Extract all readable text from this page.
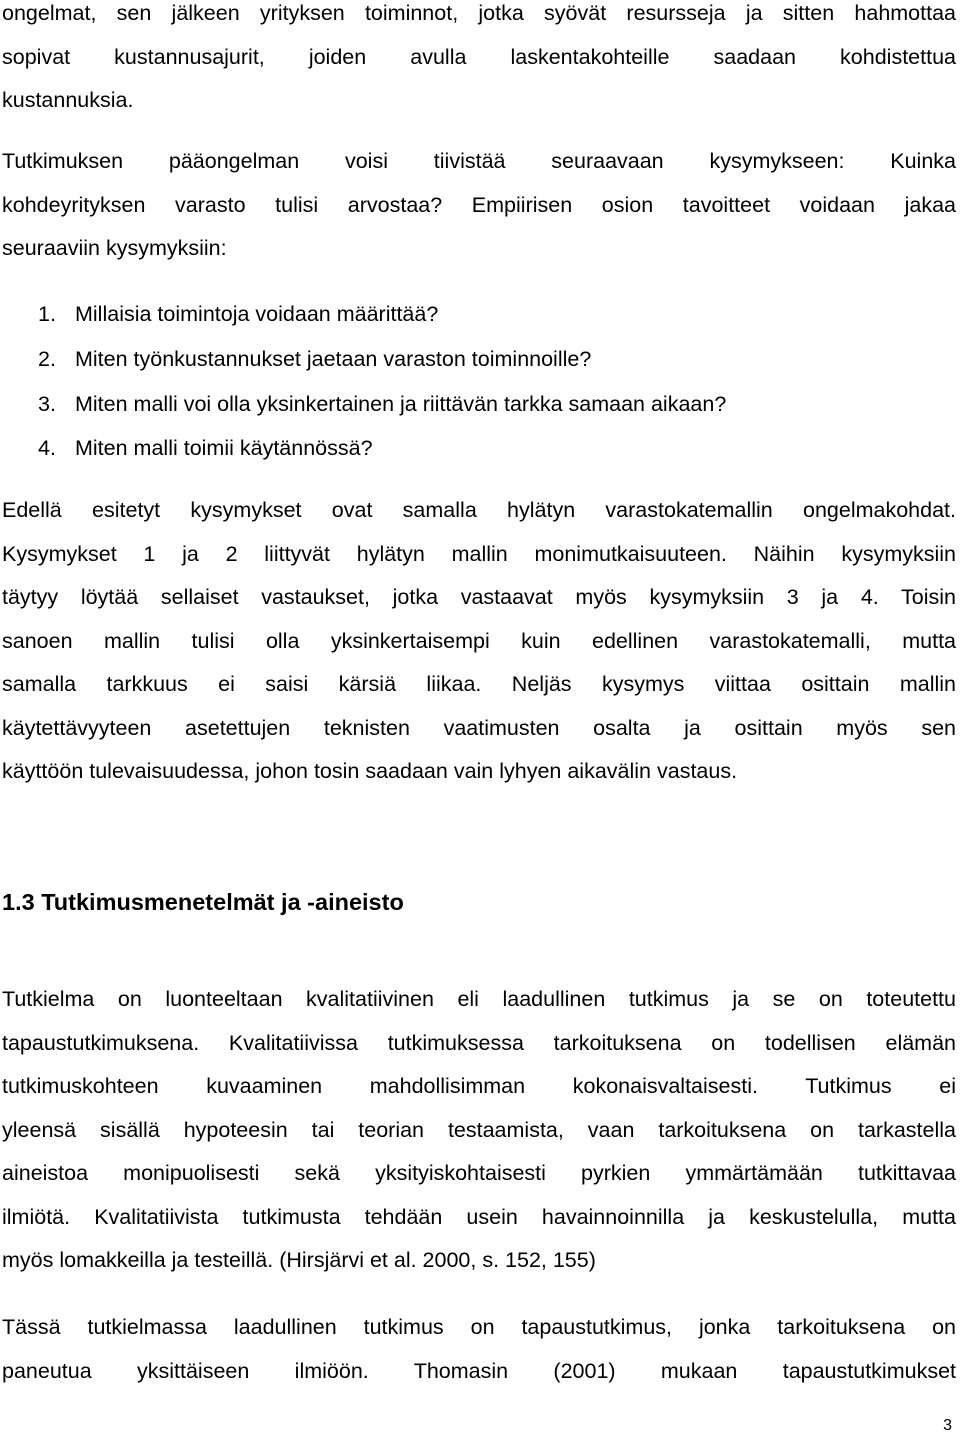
ongelmat, sen jälkeen yrityksen toiminnot, jotka syövät resursseja ja sitten hahmottaa
sopivat kustannusajurit, joiden avulla laskentakohteille saadaan kohdistettua
kustannuksia.
Tutkimuksen pääongelman voisi tiivistää seuraavaan kysymykseen: Kuinka
kohdeyrityksen varasto tulisi arvostaa? Empiirisen osion tavoitteet voidaan jakaa
seuraaviin kysymyksiin:
1. Millaisia toimintoja voidaan määrittää?
2. Miten työnkustannukset jaetaan varaston toiminnoille?
3. Miten malli voi olla yksinkertainen ja riittävän tarkka samaan aikaan?
4. Miten malli toimii käytännössä?
Edellä esitetyt kysymykset ovat samalla hylätyn varastokatemallin ongelmakohdat.
Kysymykset 1 ja 2 liittyvät hylätyn mallin monimutkaisuuteen. Näihin kysymyksiin
täytyy löytää sellaiset vastaukset, jotka vastaavat myös kysymyksiin 3 ja 4. Toisin
sanoen mallin tulisi olla yksinkertaisempi kuin edellinen varastokatemalli, mutta
samalla tarkkuus ei saisi kärsiä liikaa. Neljäs kysymys viittaa osittain mallin
käytettävyyteen asetettujen teknisten vaatimusten osalta ja osittain myös sen
käyttöön tulevaisuudessa, johon tosin saadaan vain lyhyen aikavälin vastaus.
1.3 Tutkimusmenetelmät ja -aineisto
Tutkielma on luonteeltaan kvalitatiivinen eli laadullinen tutkimus ja se on toteutettu
tapaustutkimuksena. Kvalitatiivissa tutkimuksessa tarkoituksena on todellisen elämän
tutkimuskohteen kuvaaminen mahdollisimman kokonaisvaltaisesti. Tutkimus ei
yleensä sisällä hypoteesin tai teorian testaamista, vaan tarkoituksena on tarkastella
aineistoa monipuolisesti sekä yksityiskohtaisesti pyrkien ymmärtämään tutkittavaa
ilmiötä. Kvalitatiivista tutkimusta tehdään usein havainnoinnilla ja keskustelulla, mutta
myös lomakkeilla ja testeillä. (Hirsjärvi et al. 2000, s. 152, 155)
Tässä tutkielmassa laadullinen tutkimus on tapaustutkimus, jonka tarkoituksena on
paneutua yksittäiseen ilmiöön. Thomasin (2001) mukaan tapaustutkimukset
3
